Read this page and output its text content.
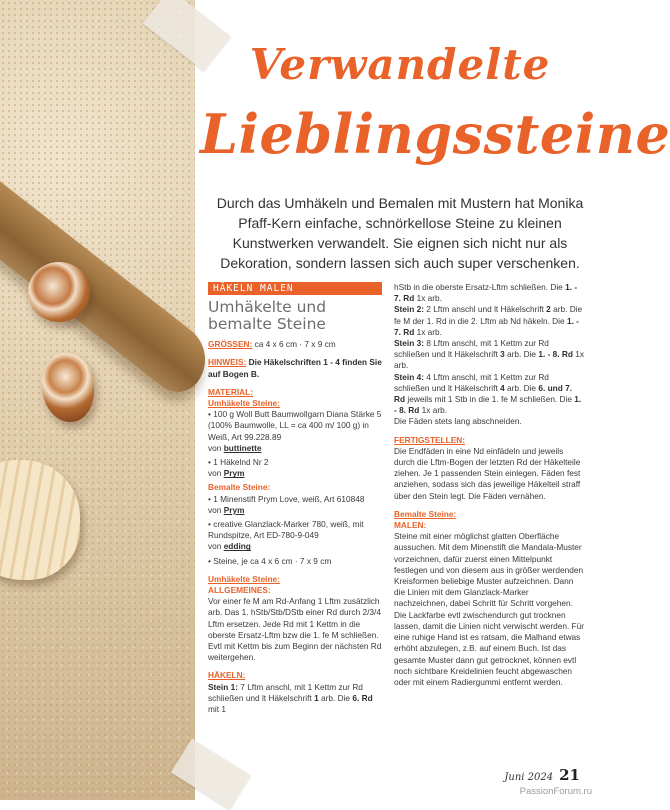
Verwandelte
Lieblingssteine

Durch das Umhäkeln und Bemalen mit Mustern hat Monika Pfaff-Kern einfache, schnörkellose Steine zu kleinen Kunstwerken verwandelt. Sie eignen sich nicht nur als Dekoration, sondern lassen sich auch super verschenken.

HÄKELN MALEN
Umhäkelte und bemalte Steine

GRÖSSEN: ca 4 x 6 cm · 7 x 9 cm

HINWEIS: Die Häkelschriften 1 - 4 finden Sie auf Bogen B.

MATERIAL:

Umhäkelte Steine:

• 100 g Woll Butt Baumwollgarn Diana Stärke 5 (100% Baumwolle, LL = ca 400 m/ 100 g) in Weiß, Art 99.228.89

von buttinette

• 1 Häkelnd Nr 2

von Prym

Bemalte Steine:

• 1 Minenstift Prym Love, weiß, Art 610848

von Prym

• creative Glanzlack-Marker 780, weiß, mit Rundspitze, Art ED-780-9-049

von edding

• Steine, je ca 4 x 6 cm · 7 x 9 cm

Umhäkelte Steine:

ALLGEMEINES:

Vor einer fe M am Rd-Anfang 1 Lftm zusätzlich arb. Das 1. hStb/Stb/DStb einer Rd durch 2/3/4 Lftm ersetzen. Jede Rd mit 1 Kettm in die oberste Ersatz-Lftm bzw die 1. fe M schließen. Evtl mit Kettm bis zum Beginn der nächsten Rd weitergehen.

HÄKELN:

Stein 1: 7 Lftm anschl, mit 1 Kettm zur Rd schließen und lt Häkelschrift 1 arb. Die 6. Rd mit 1

hStb in die oberste Ersatz-Lftm schließen. Die 1. - 7. Rd 1x arb.

Stein 2: 2 Lftm anschl und lt Häkelschrift 2 arb. Die fe M der 1. Rd in die 2. Lftm ab Nd häkeln. Die 1. - 7. Rd 1x arb.

Stein 3: 8 Lftm anschl, mit 1 Kettm zur Rd schließen und lt Häkelschrift 3 arb. Die 1. - 8. Rd 1x arb.

Stein 4: 4 Lftm anschl, mit 1 Kettm zur Rd schließen und lt Häkelschrift 4 arb. Die 6. und 7. Rd jeweils mit 1 Stb in die 1. fe M schließen. Die 1. - 8. Rd 1x arb.

Die Fäden stets lang abschneiden.

FERTIGSTELLEN:

Die Endfäden in eine Nd einfädeln und jeweils durch die Lftm-Bogen der letzten Rd der Häkelteile ziehen. Je 1 passenden Stein einlegen. Fäden fest anziehen, sodass sich das jeweilige Häkelteil straff über den Stein legt. Die Fäden vernähen.

Bemalte Steine:

MALEN:

Steine mit einer möglichst glatten Oberfläche aussuchen. Mit dem Minenstift die Mandala-Muster vorzeichnen, dafür zuerst einen Mittelpunkt festlegen und von diesem aus in größer werdenden Kreisformen beliebige Muster aufzeichnen. Dann die Linien mit dem Glanzlack-Marker nachzeichnen, dabei Schritt für Schritt vorgehen. Die Lackfarbe evtl zwischendurch gut trocknen lassen, damit die Linien nicht verwischt werden. Für eine ruhige Hand ist es ratsam, die Malhand etwas erhöht abzulegen, z.B. auf einem Buch. Ist das gesamte Muster dann gut getrocknet, können evtl noch sichtbare Kreidelinien feucht abgewaschen oder mit einem Radiergummi entfernt werden.

Juni 2024 21
PassionForum.ru
